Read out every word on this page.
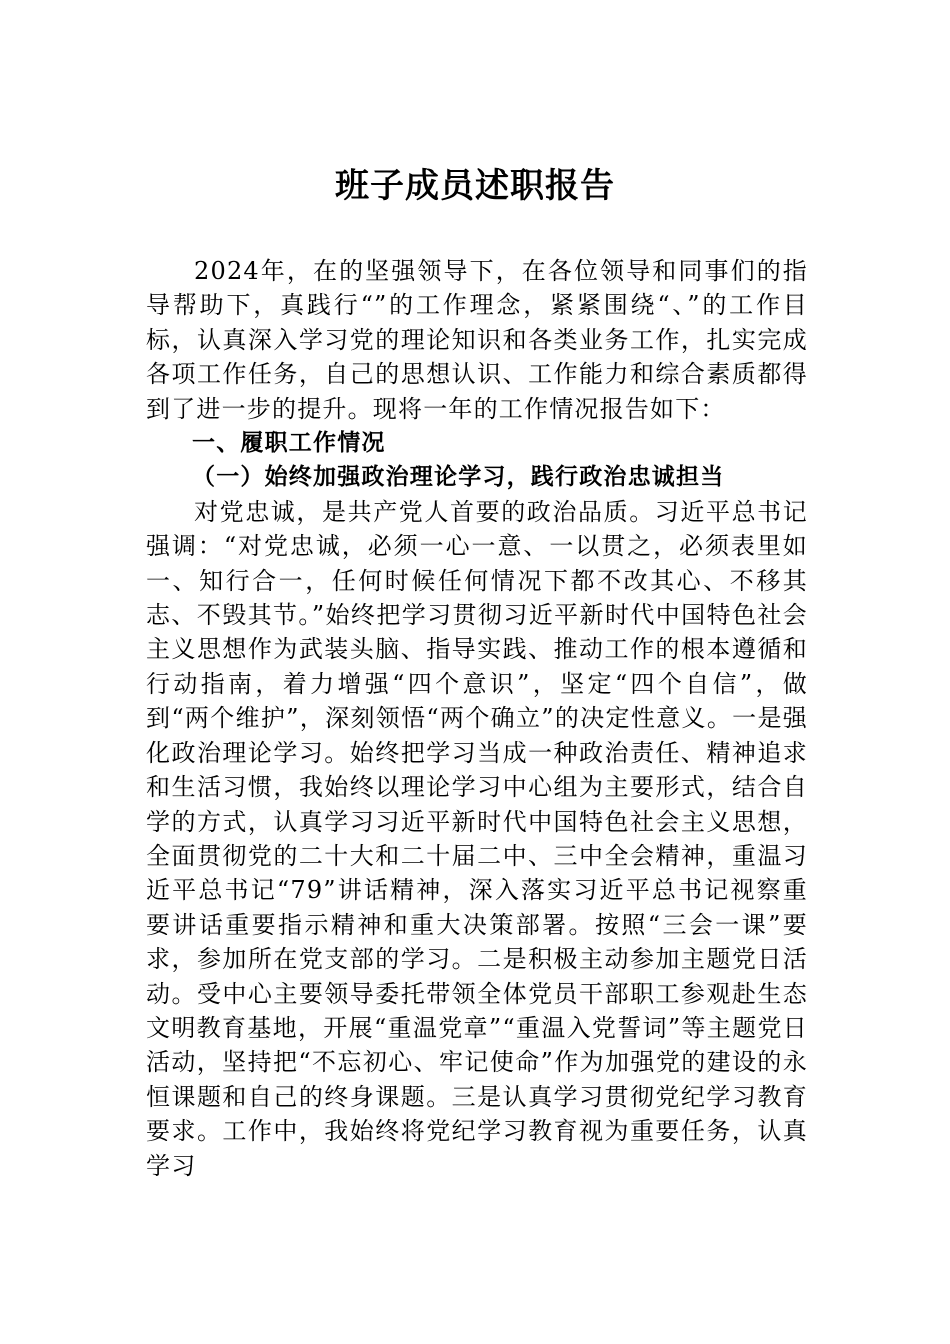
班子成员述职报告

2024年，在的坚强领导下，在各位领导和同事们的指导帮助下，真践行“”的工作理念，紧紧围绕“、”的工作目标，认真深入学习党的理论知识和各类业务工作，扎实完成各项工作任务，自己的思想认识、工作能力和综合素质都得到了进一步的提升。现将一年的工作情况报告如下：

一、履职工作情况

（一）始终加强政治理论学习，践行政治忠诚担当

对党忠诚，是共产党人首要的政治品质。习近平总书记强调：“对党忠诚，必须一心一意、一以贯之，必须表里如一、知行合一，任何时候任何情况下都不改其心、不移其志、不毁其节。”始终把学习贯彻习近平新时代中国特色社会主义思想作为武装头脑、指导实践、推动工作的根本遵循和行动指南，着力增强“四个意识”，坚定“四个自信”，做到“两个维护”，深刻领悟“两个确立”的决定性意义。一是强化政治理论学习。始终把学习当成一种政治责任、精神追求和生活习惯，我始终以理论学习中心组为主要形式，结合自学的方式，认真学习习近平新时代中国特色社会主义思想，全面贯彻党的二十大和二十届二中、三中全会精神，重温习近平总书记“79”讲话精神，深入落实习近平总书记视察重要讲话重要指示精神和重大决策部署。按照“三会一课”要求，参加所在党支部的学习。二是积极主动参加主题党日活动。受中心主要领导委托带领全体党员干部职工参观赴生态文明教育基地，开展“重温党章”“重温入党誓词”等主题党日活动，坚持把“不忘初心、牢记使命”作为加强党的建设的永恒课题和自己的终身课题。三是认真学习贯彻党纪学习教育要求。工作中，我始终将党纪学习教育视为重要任务，认真学习
